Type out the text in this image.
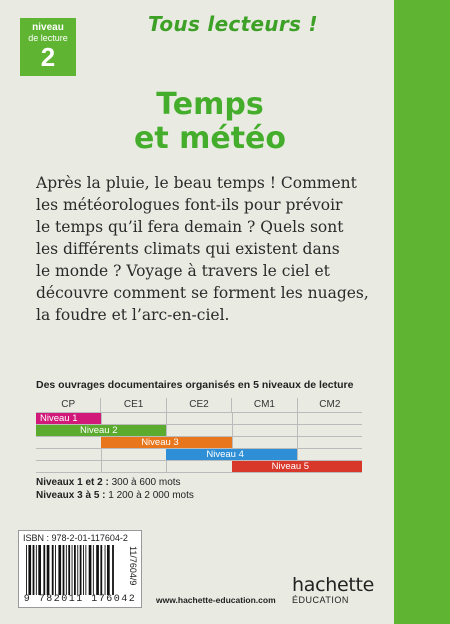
niveau
de lecture
2
Tous lecteurs !
Temps
et météo
Après la pluie, le beau temps ! Comment
les météorologues font-ils pour prévoir
le temps qu’il fera demain ? Quels sont
les différents climats qui existent dans
le monde ? Voyage à travers le ciel et
découvre comment se forment les nuages,
la foudre et l’arc-en-ciel.
Des ouvrages documentaires organisés en 5 niveaux de lecture
CP	CE1	CE2	CM1	CM2
Niveau 1
Niveau 2
Niveau 3
Niveau 4
Niveau 5
Niveaux 1 et 2 : 300 à 600 mots
Niveaux 3 à 5 : 1 200 à 2 000 mots
ISBN : 978-2-01-117604-2
9 782011 176042
11/7604/9
www.hachette-education.com
hachette
ÉDUCATION
